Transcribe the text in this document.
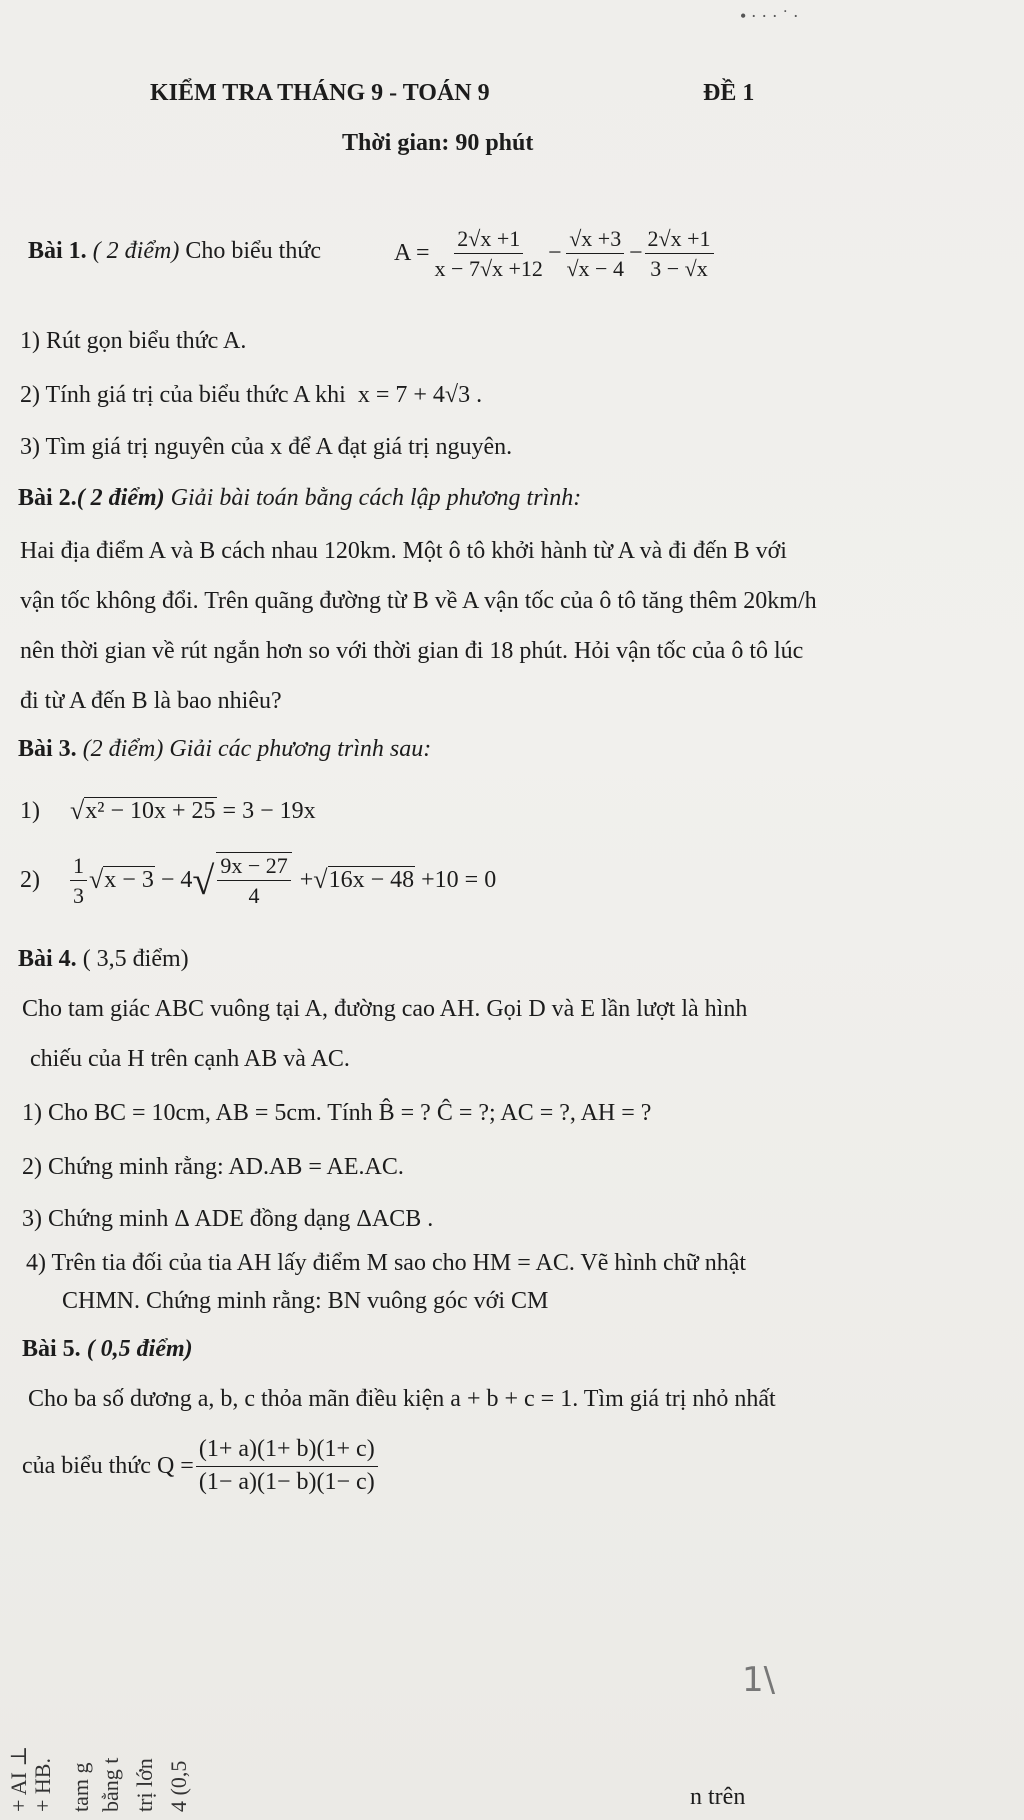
KIỂM TRA THÁNG 9 - TOÁN 9	ĐỀ 1
Thời gian: 90 phút
Bài 1.
( 2 điểm)
Cho biểu thức	$A = \frac{2√x +1}{x - 7√x +12} - \frac{√x +3}{√x - 4} - \frac{2√x +1}{3 - √x}$
1) Rút gọn biểu thức A.
2) Tính giá trị của biểu thức A khi x = 7 + 4√3 .
3) Tìm giá trị nguyên của x để A đạt giá trị nguyên.
Bài 2.( 2 điểm) Giải bài toán bằng cách lập phương trình:
Hai địa điểm A và B cách nhau 120km. Một ô tô khởi hành từ A và đi đến B với
vận tốc không đổi. Trên quãng đường từ B về A vận tốc của ô tô tăng thêm 20km/h
nên thời gian về rút ngắn hơn so với thời gian đi 18 phút. Hỏi vận tốc của ô tô lúc
đi từ A đến B là bao nhiêu?
Bài 3. (2 điểm) Giải các phương trình sau:
1) √ x² − 10x + 25
= 3 − 19x
$2) \frac{1}{3}$ √ x − 3
− 4 √ $\frac{9x - 27}{4}$
+ √ 16x − 48
+10 = 0
Bài 4. ( 3,5 điểm)
Cho tam giác ABC vuông tại A, đường cao AH. Gọi D và E lần lượt là hình
chiếu của H trên cạnh AB và AC.
1) Cho BC = 10cm, AB = 5cm. Tính B̂ = ? Ĉ = ?; AC = ?, AH = ?
2) Chứng minh rằng: AD.AB = AE.AC.
3) Chứng minh Δ ADE đồng dạng ΔACB .
4) Trên tia đối của tia AH lấy điểm M sao cho HM = AC. Vẽ hình chữ nhật
CHMN. Chứng minh rằng: BN vuông góc với CM
Bài 5. ( 0,5 điểm)
Cho ba số dương a, b, c thỏa mãn điều kiện a + b + c = 1. Tìm giá trị nhỏ nhất
của biểu thức
$Q = \frac{(1+ a)(1+ b)(1+ c)}{(1- a)(1- b)(1- c)}$
1\
+ AI ⊥ + HB. tam g bằng t trị lớn 4 (0,5	n trên
• · · · ˙ ·
